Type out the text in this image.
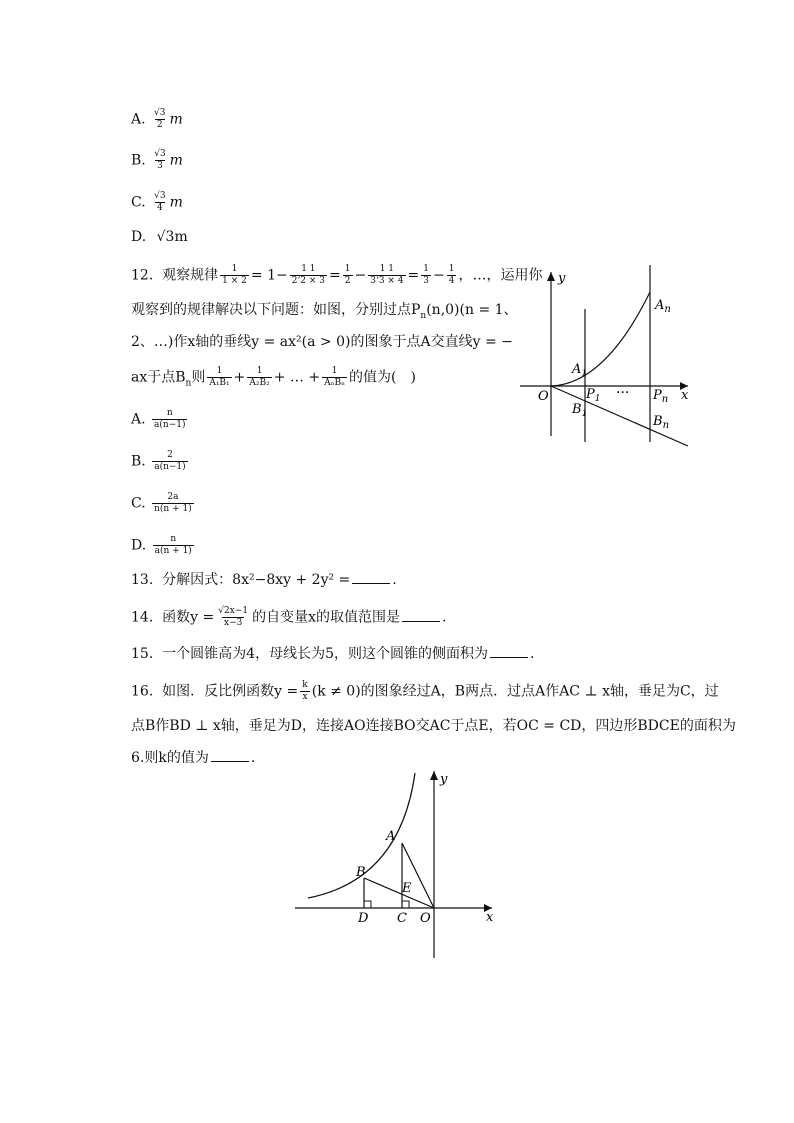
A. $\frac{√3}{2}$ m
B. $\frac{√3}{3}$ m
C. $\frac{√3}{4}$ m
D. √3m
12. 观察规律 $\frac{1}{1 \times 2} = 1- \frac{1 1}{2‘2 \times 3} = \frac{1}{2} - \frac{1 1}{3‘3 \times 4} = \frac{1}{3} - \frac{1}{4}$ ，…，运用你
观察到的规律解决以下问题：如图，分别过点$P_n(n,0)(n = 1$、
2、…)作x轴的垂线y = ax²(a > 0)的图象于点A交直线y = −
ax于点$B_n$则 $\frac{1}{\text{A₁B₁}} + \frac{1}{\text{A₂B₂}}$ + … + $\frac{1}{\text{AₙBₙ}}$ 的值为(　)
A. $\frac{n}{a(n-1)}$
B. $\frac{2}{a(n-1)}$
C. $\frac{2a}{n(n + 1)}$
D. $\frac{n}{a(n + 1)}$
13. 分解因式：8x²−8xy + 2y² =	.
14. 函数$y = \frac{√2x-1}{x-3}$ 的自变量x的取值范围是	.
15. 一个圆锥高为4，母线长为5，则这个圆锥的侧面积为	.
16. 如图．反比例函数$y = \frac{k}{x} (k \ne 0)$的图象经过A，B两点．过点A作AC ⊥ x轴，垂足为C，过
点B作BD ⊥ x轴，垂足为D，连接AO连接BO交AC于点E，若OC = CD，四边形BDCE的面积为
6.则k的值为	.
y
x
O
$A_1$
$P_1$
$B_1$
$A_n$
$P_n$
$B_n$
···
y
x
O
A
B
C
D
E
